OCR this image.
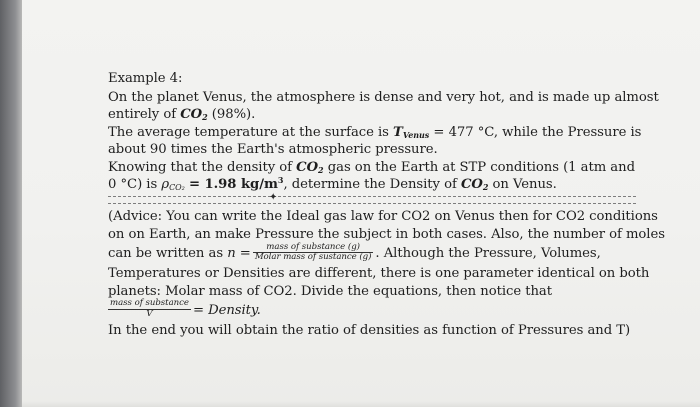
Example 4:
On the planet Venus, the atmosphere is dense and very hot, and is made up almost
entirely of $CO_2$ (98%).
The average temperature at the surface is $T_{Venus} = 477$ °C, while the Pressure is
about 90 times the Earth's atmospheric pressure.
Knowing that the density of $CO_2$ gas on the Earth at STP conditions (1 atm and
0 °C) is $\rho_{CO_2} = 1.98$ $kg/m^3$, determine the Density of $CO_2$ on Venus.
✦
(Advice: You can write the Ideal gas law for CO2 on Venus then for CO2 conditions
on on Earth, an make Pressure the subject in both cases. Also, the number of moles
can be written as $n = \frac{\text{mass of substance (g)}}{\text{Molar mass of sustance (g)}}$ . Although the Pressure, Volumes,
Temperatures or Densities are different, there is one parameter identical on both
planets: Molar mass of CO2. Divide the equations, then notice that
$\frac{\text{mass of substance}}{V}$ = Density.
In the end you will obtain the ratio of densities as function of Pressures and T)
